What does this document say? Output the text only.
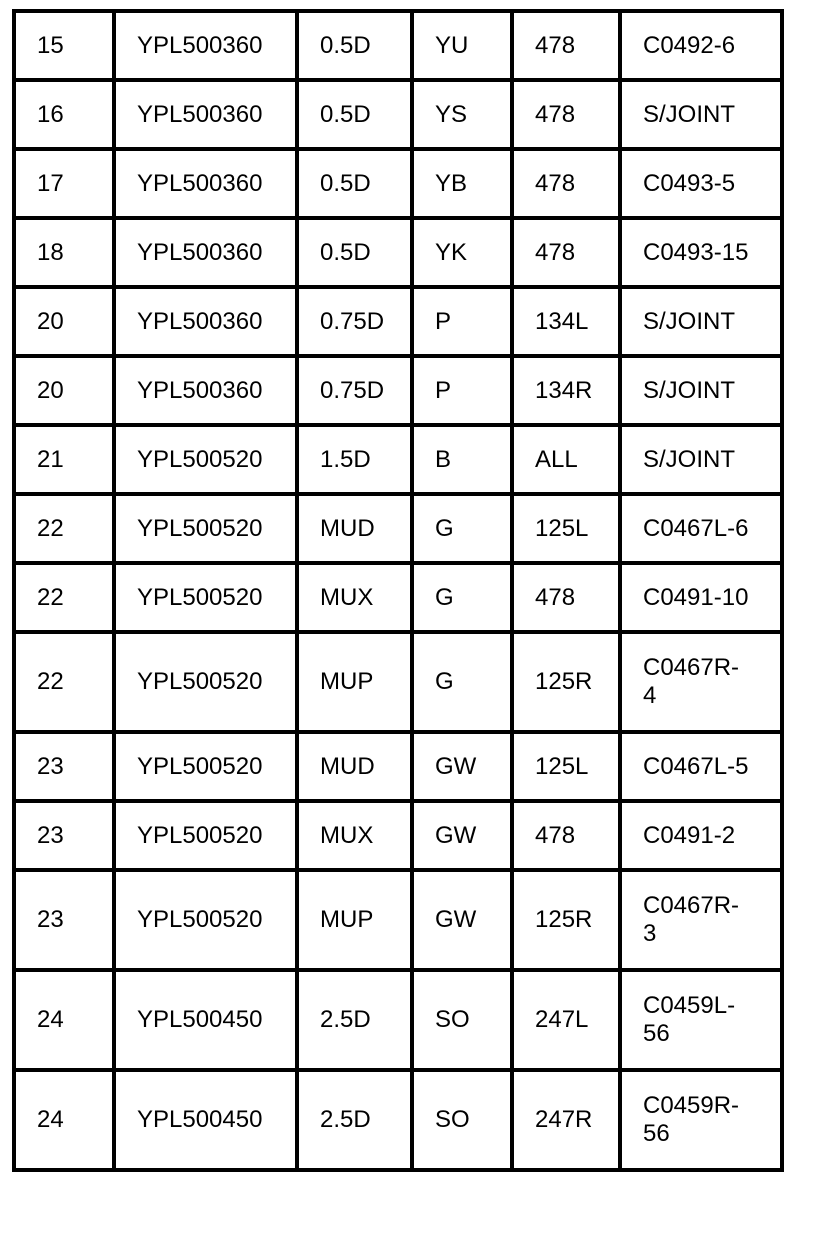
15	YPL500360	0.5D	YU	478	C0492-6
16	YPL500360	0.5D	YS	478	S/JOINT
17	YPL500360	0.5D	YB	478	C0493-5
18	YPL500360	0.5D	YK	478	C0493-15
20	YPL500360	0.75D	P	134L	S/JOINT
20	YPL500360	0.75D	P	134R	S/JOINT
21	YPL500520	1.5D	B	ALL	S/JOINT
22	YPL500520	MUD	G	125L	C0467L-6
22	YPL500520	MUX	G	478	C0491-10
22	YPL500520	MUP	G	125R	C0467R-
4
23	YPL500520	MUD	GW	125L	C0467L-5
23	YPL500520	MUX	GW	478	C0491-2
23	YPL500520	MUP	GW	125R	C0467R-
3
24	YPL500450	2.5D	SO	247L	C0459L-
56
24	YPL500450	2.5D	SO	247R	C0459R-
56
